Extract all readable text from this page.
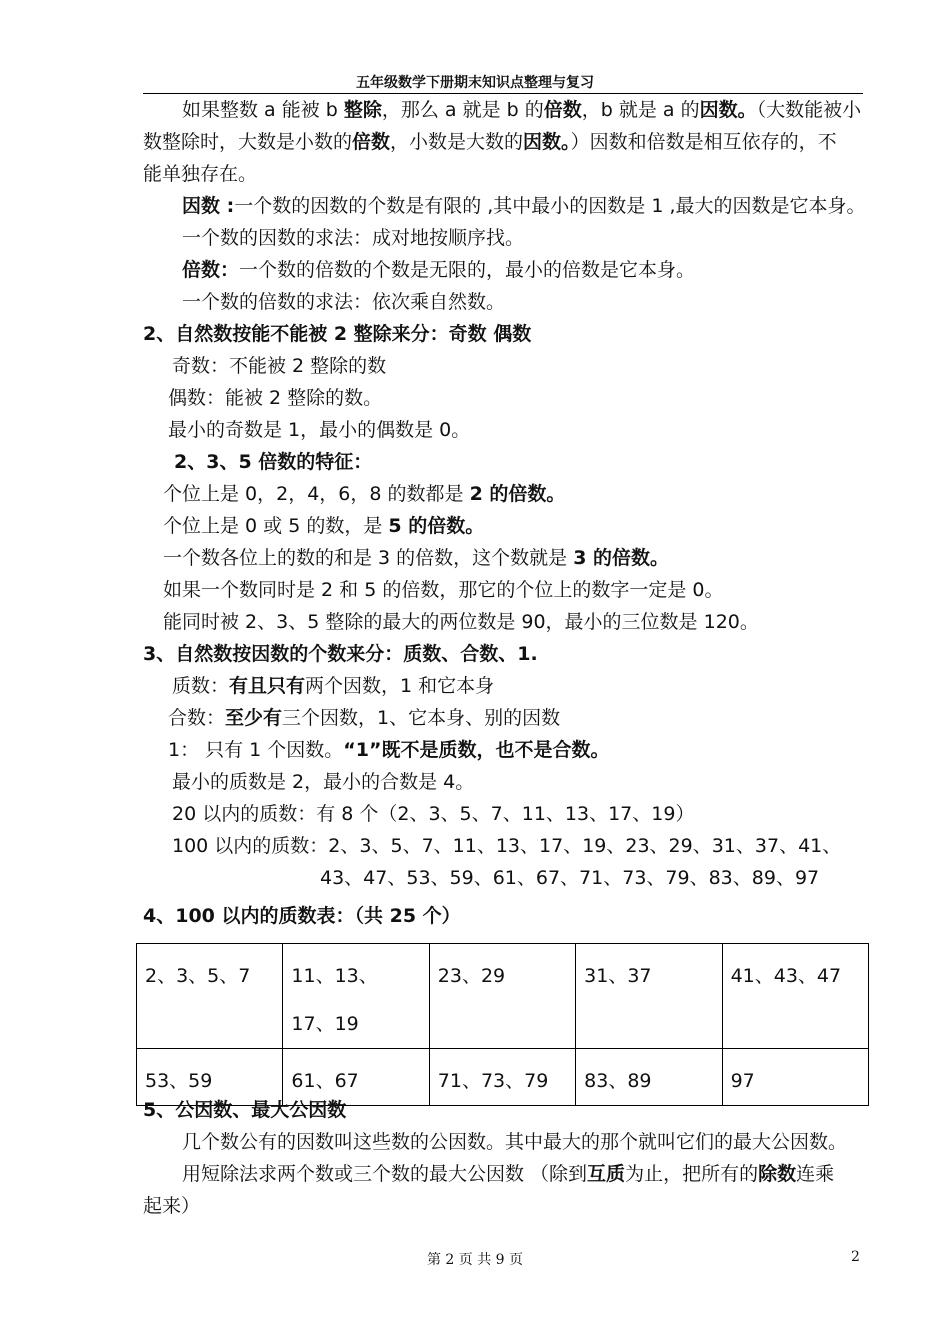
五年级数学下册期末知识点整理与复习
如果整数 a 能被 b 整除，那么 a 就是 b 的倍数，b 就是 a 的因数。（大数能被小
数整除时，大数是小数的倍数，小数是大数的因数。）因数和倍数是相互依存的，不
能单独存在。
因数 :一个数的因数的个数是有限的 ,其中最小的因数是 1 ,最大的因数是它本身。
一个数的因数的求法：成对地按顺序找。
倍数：一个数的倍数的个数是无限的，最小的倍数是它本身。
一个数的倍数的求法：依次乘自然数。
2、自然数按能不能被 2 整除来分：奇数 偶数
奇数：不能被 2 整除的数
偶数：能被 2 整除的数。
最小的奇数是 1，最小的偶数是 0。
2、3、5 倍数的特征：
个位上是 0，2，4，6，8 的数都是 2 的倍数。
个位上是 0 或 5 的数，是 5 的倍数。
一个数各位上的数的和是 3 的倍数，这个数就是 3 的倍数。
如果一个数同时是 2 和 5 的倍数，那它的个位上的数字一定是 0。
能同时被 2、3、5 整除的最大的两位数是 90，最小的三位数是 120。
3、自然数按因数的个数来分：质数、合数、1.
质数：有且只有两个因数，1 和它本身
合数：至少有三个因数，1、它本身、别的因数
1： 只有 1 个因数。“1”既不是质数，也不是合数。
最小的质数是 2，最小的合数是 4。
20 以内的质数：有 8 个（2、3、5、7、11、13、17、19）
100 以内的质数：2、3、5、7、11、13、17、19、23、29、31、37、41、
43、47、53、59、61、67、71、73、79、83、89、97
4、100 以内的质数表：（共 25 个）
2、3、5、7	11、13、17、19	23、29	31、37	41、43、47
53、59	61、67	71、73、79	83、89	97
5、公因数、最大公因数
几个数公有的因数叫这些数的公因数。其中最大的那个就叫它们的最大公因数。
用短除法求两个数或三个数的最大公因数 （除到互质为止，把所有的除数连乘
起来）
第 2 页 共 9 页	2
